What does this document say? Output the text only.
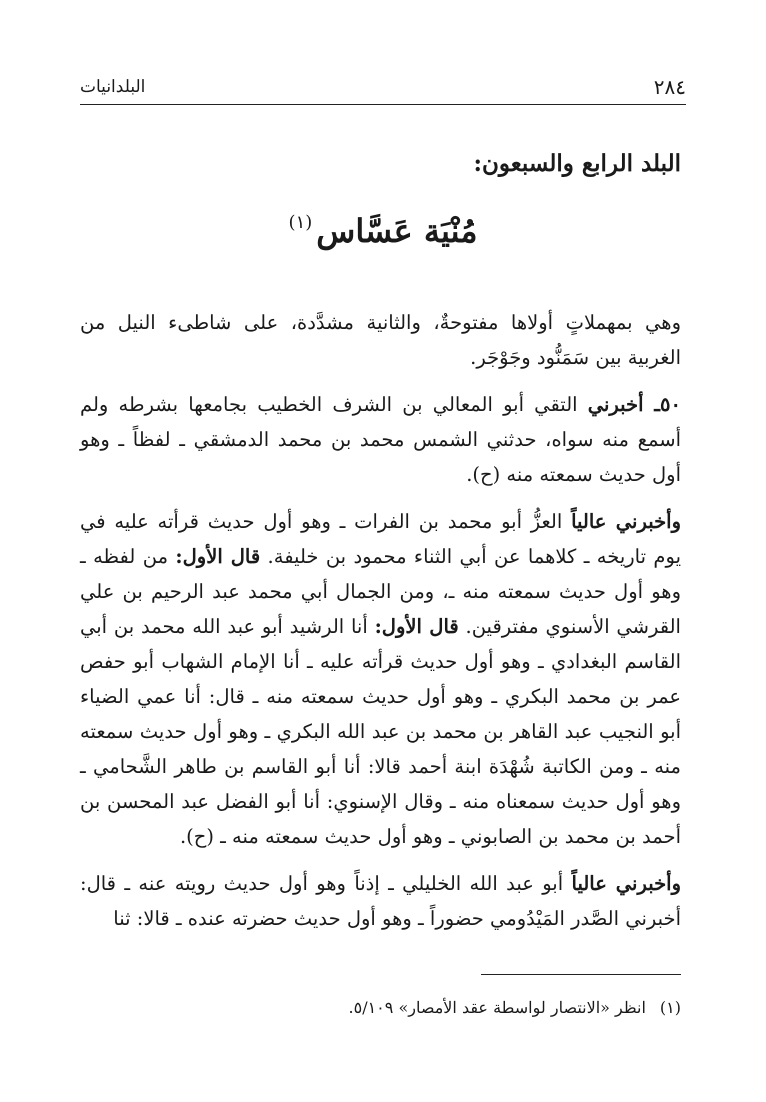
٢٨٤
البلدانيات
البلد الرابع والسبعون:
مُنْيَة عَسَّاس$^{(١)}$

وهي بمهملاتٍ أولاها مفتوحةٌ، والثانية مشدَّدة، على شاطىء النيل من الغربية بين سَمَنُّود وجَوْجَر.

٥٠ـ أخبرني التقي أبو المعالي بن الشرف الخطيب بجامعها بشرطه ولم أسمع منه سواه، حدثني الشمس محمد بن محمد الدمشقي ـ لفظاً ـ وهو أول حديث سمعته منه (ح).

وأخبرني عالياً العزُّ أبو محمد بن الفرات ـ وهو أول حديث قرأته عليه في يوم تاريخه ـ كلاهما عن أبي الثناء محمود بن خليفة. قال الأول: من لفظه ـ وهو أول حديث سمعته منه ـ، ومن الجمال أبي محمد عبد الرحيم بن علي القرشي الأسنوي مفترقين. قال الأول: أنا الرشيد أبو عبد الله محمد بن أبي القاسم البغدادي ـ وهو أول حديث قرأته عليه ـ أنا الإمام الشهاب أبو حفص عمر بن محمد البكري ـ وهو أول حديث سمعته منه ـ قال: أنا عمي الضياء أبو النجيب عبد القاهر بن محمد بن عبد الله البكري ـ وهو أول حديث سمعته منه ـ ومن الكاتبة شُهْدَة ابنة أحمد قالا: أنا أبو القاسم بن طاهر الشَّحامي ـ وهو أول حديث سمعناه منه ـ وقال الإسنوي: أنا أبو الفضل عبد المحسن بن أحمد بن محمد بن الصابوني ـ وهو أول حديث سمعته منه ـ (ح).

وأخبرني عالياً أبو عبد الله الخليلي ـ إذناً وهو أول حديث رويته عنه ـ قال: أخبرني الصَّدر المَيْدُومي حضوراً ـ وهو أول حديث حضرته عنده ـ قالا: ثنا

(١)انظر «الانتصار لواسطة عقد الأمصار» ٥/١٠٩.
